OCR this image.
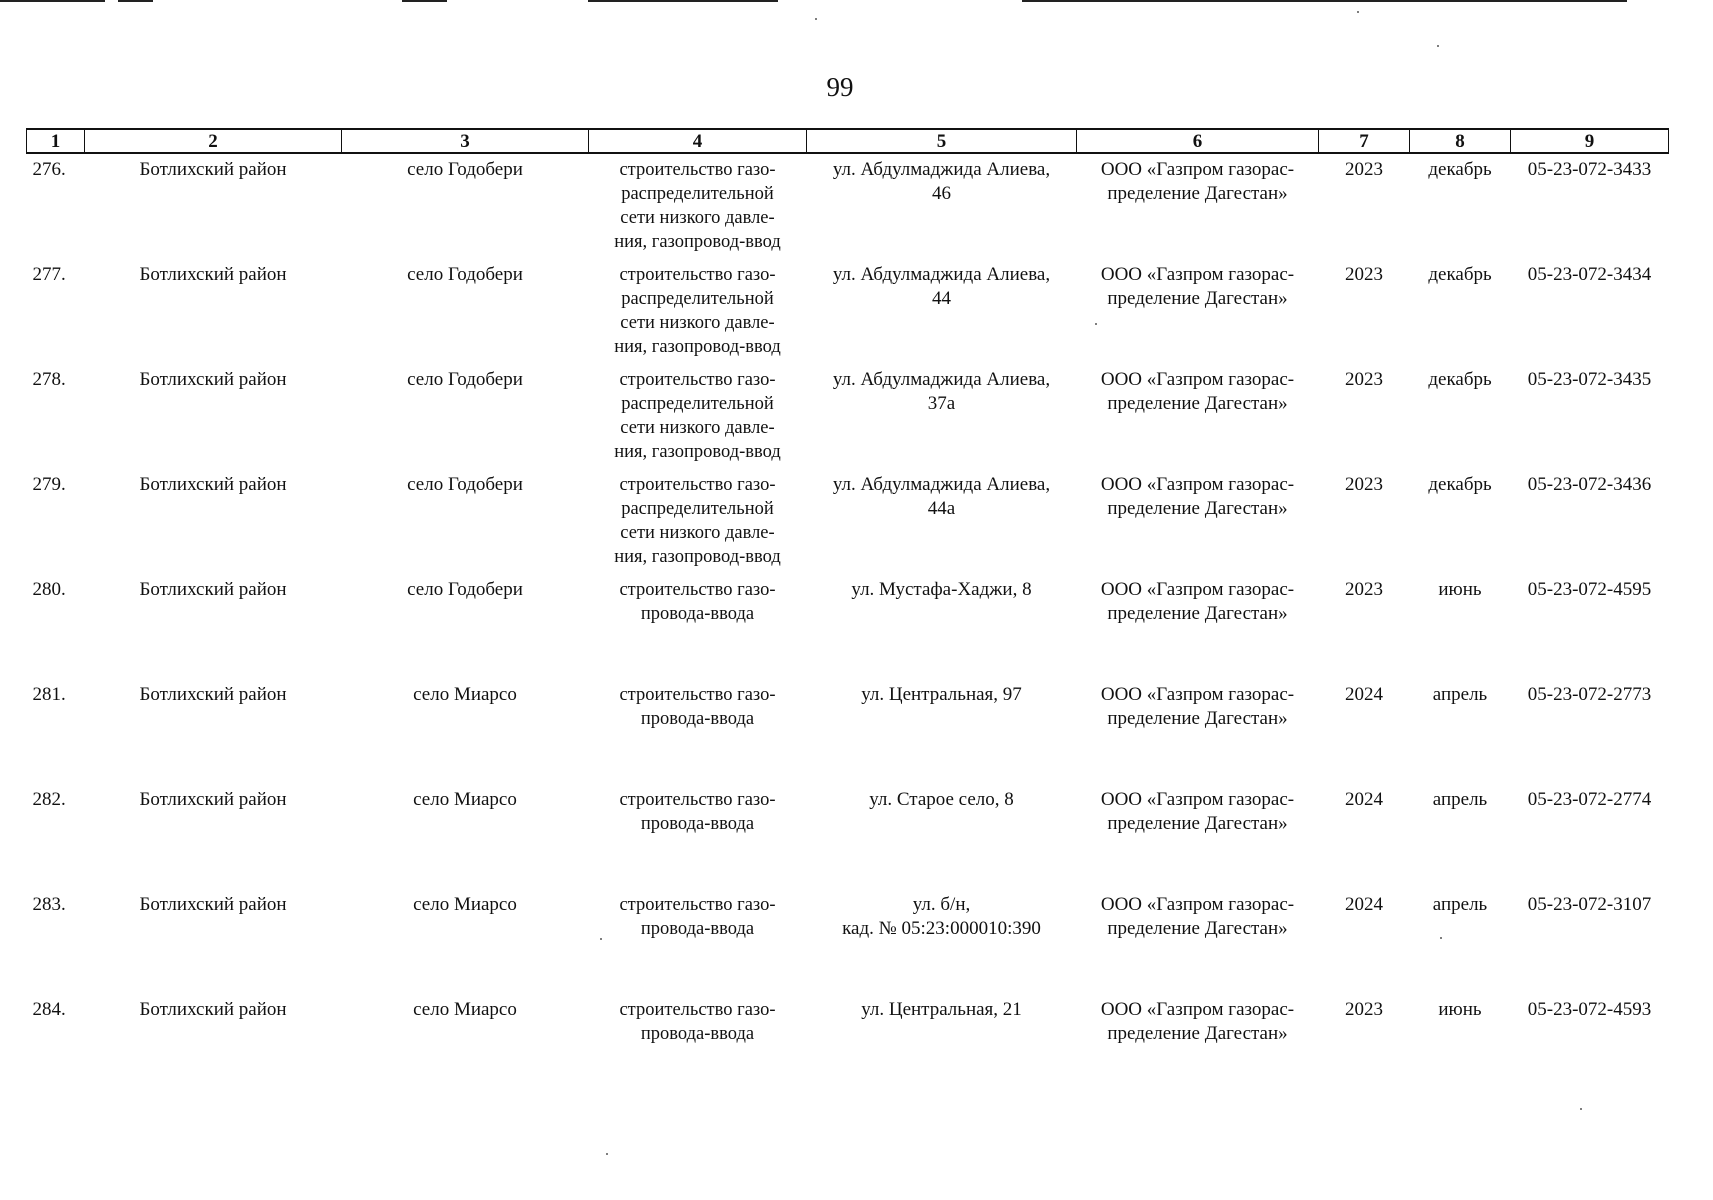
99
1	2	3	4	5	6	7	8	9
276.	Ботлихский район	село Годобери	строительство газо-
распределительной
сети низкого давле-
ния, газопровод-ввод	ул. Абдулмаджида Алиева,
46	ООО «Газпром газорас-
пределение Дагестан»	2023	декабрь	05-23-072-3433
277.	Ботлихский район	село Годобери	строительство газо-
распределительной
сети низкого давле-
ния, газопровод-ввод	ул. Абдулмаджида Алиева,
44	ООО «Газпром газорас-
пределение Дагестан»	2023	декабрь	05-23-072-3434
278.	Ботлихский район	село Годобери	строительство газо-
распределительной
сети низкого давле-
ния, газопровод-ввод	ул. Абдулмаджида Алиева,
37а	ООО «Газпром газорас-
пределение Дагестан»	2023	декабрь	05-23-072-3435
279.	Ботлихский район	село Годобери	строительство газо-
распределительной
сети низкого давле-
ния, газопровод-ввод	ул. Абдулмаджида Алиева,
44а	ООО «Газпром газорас-
пределение Дагестан»	2023	декабрь	05-23-072-3436
280.	Ботлихский район	село Годобери	строительство газо-
провода-ввода	ул. Мустафа-Хаджи, 8	ООО «Газпром газорас-
пределение Дагестан»	2023	июнь	05-23-072-4595
281.	Ботлихский район	село Миарсо	строительство газо-
провода-ввода	ул. Центральная, 97	ООО «Газпром газорас-
пределение Дагестан»	2024	апрель	05-23-072-2773
282.	Ботлихский район	село Миарсо	строительство газо-
провода-ввода	ул. Старое село, 8	ООО «Газпром газорас-
пределение Дагестан»	2024	апрель	05-23-072-2774
283.	Ботлихский район	село Миарсо	строительство газо-
провода-ввода	ул. б/н,
кад. № 05:23:000010:390	ООО «Газпром газорас-
пределение Дагестан»	2024	апрель	05-23-072-3107
284.	Ботлихский район	село Миарсо	строительство газо-
провода-ввода	ул. Центральная, 21	ООО «Газпром газорас-
пределение Дагестан»	2023	июнь	05-23-072-4593
